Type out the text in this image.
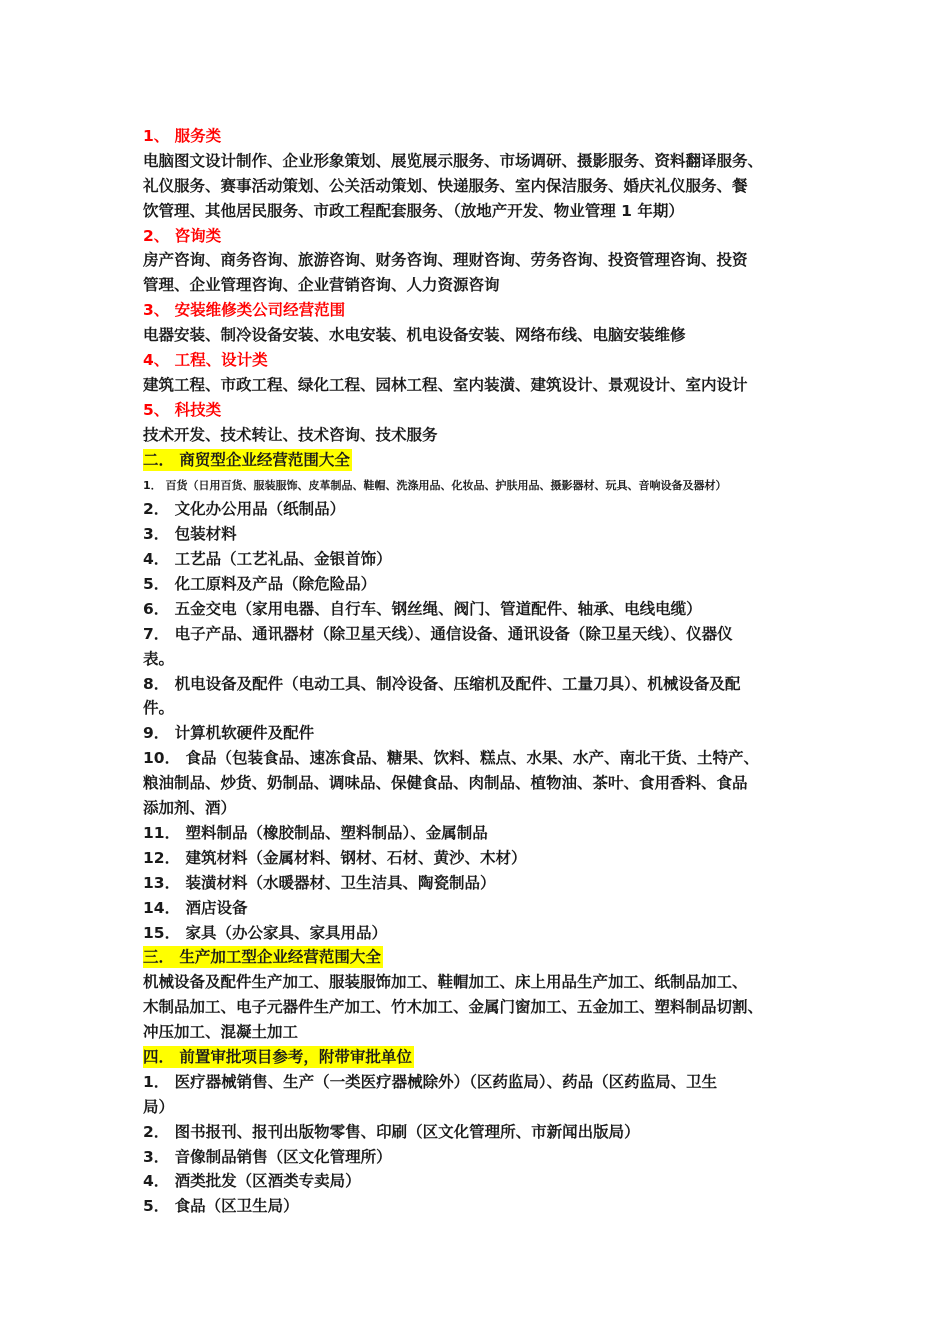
1、 服务类
电脑图文设计制作、企业形象策划、展览展示服务、市场调研、摄影服务、资料翻译服务、
礼仪服务、赛事活动策划、公关活动策划、快递服务、室内保洁服务、婚庆礼仪服务、餐
饮管理、其他居民服务、市政工程配套服务、（放地产开发、物业管理 1 年期）
2、 咨询类
房产咨询、商务咨询、旅游咨询、财务咨询、理财咨询、劳务咨询、投资管理咨询、投资
管理、企业管理咨询、企业营销咨询、人力资源咨询
3、 安装维修类公司经营范围
电器安装、制冷设备安装、水电安装、机电设备安装、网络布线、电脑安装维修
4、 工程、设计类
建筑工程、市政工程、绿化工程、园林工程、室内装潢、建筑设计、景观设计、室内设计
5、 科技类
技术开发、技术转让、技术咨询、技术服务
二． 商贸型企业经营范围大全
1． 百货（日用百货、服装服饰、皮革制品、鞋帽、洗涤用品、化妆品、护肤用品、摄影器材、玩具、音响设备及器材）
2． 文化办公用品（纸制品）
3． 包装材料
4． 工艺品（工艺礼品、金银首饰）
5． 化工原料及产品（除危险品）
6． 五金交电（家用电器、自行车、钢丝绳、阀门、管道配件、轴承、电线电缆）
7． 电子产品、通讯器材（除卫星天线）、通信设备、通讯设备（除卫星天线）、仪器仪
表。
8． 机电设备及配件（电动工具、制冷设备、压缩机及配件、工量刀具）、机械设备及配
件。
9． 计算机软硬件及配件
10． 食品（包装食品、速冻食品、糖果、饮料、糕点、水果、水产、南北干货、土特产、
粮油制品、炒货、奶制品、调味品、保健食品、肉制品、植物油、茶叶、食用香料、食品
添加剂、酒）
11． 塑料制品（橡胶制品、塑料制品）、金属制品
12． 建筑材料（金属材料、钢材、石材、黄沙、木材）
13． 装潢材料（水暖器材、卫生洁具、陶瓷制品）
14． 酒店设备
15． 家具（办公家具、家具用品）
三． 生产加工型企业经营范围大全
机械设备及配件生产加工、服装服饰加工、鞋帽加工、床上用品生产加工、纸制品加工、
木制品加工、电子元器件生产加工、竹木加工、金属门窗加工、五金加工、塑料制品切割、
冲压加工、混凝土加工
四． 前置审批项目参考，附带审批单位
1． 医疗器械销售、生产（一类医疗器械除外）（区药监局）、药品（区药监局、卫生
局）
2． 图书报刊、报刊出版物零售、印刷（区文化管理所、市新闻出版局）
3． 音像制品销售（区文化管理所）
4． 酒类批发（区酒类专卖局）
5． 食品（区卫生局）
